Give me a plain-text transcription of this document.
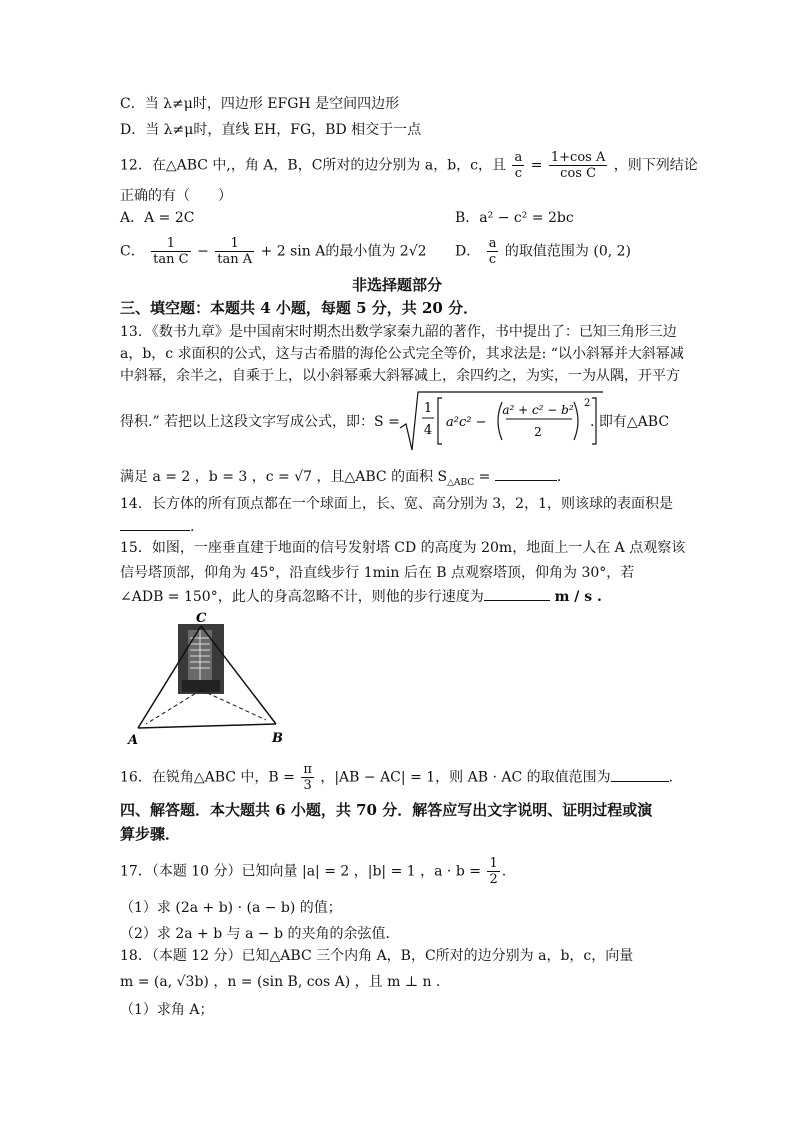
C．当 λ≠μ时，四边形 EFGH 是空间四边形
D．当 λ≠μ时，直线 EH，FG，BD 相交于一点
12．在△ABC 中,，角 A，B，C所对的边分别为 a，b，c，且 $\frac{a}{c} = \frac{\text{1+cos A}}{\text{cos C}}$ ，则下列结论
正确的有（　　）
A．A = 2C	B．a² − c² = 2bc
C． $\frac{1}{\text{tan C}} - \frac{1}{\text{tan A}} + 2$ sin A的最小值为 2√2 D． $\frac{a}{c}$ 的取值范围为 (0, 2)
非选择题部分
三、填空题：本题共 4 小题，每题 5 分，共 20 分．
13．《数书九章》是中国南宋时期杰出数学家秦九韶的著作，书中提出了：已知三角形三边
a，b，c 求面积的公式，这与古希腊的海伦公式完全等价，其求法是: “以小斜幂并大斜幂减
中斜幂，余半之，自乘于上，以小斜幂乘大斜幂减上，余四约之，为实，一为从隅，开平方
得积.” 若把以上这段文字写成公式，即：S =
1
4
a²c² −
a² + c² − b²
2
2
. 即有△ABC
满足 a = 2 ，b = 3 ，c = √7 ，且△ABC 的面积 $S_{\triangle ABC}$ =	.
14．长方体的所有顶点都在一个球面上，长、宽、高分别为 3，2，1，则该球的表面积是
.
15．如图，一座垂直建于地面的信号发射塔 CD 的高度为 20m，地面上一人在 A 点观察该
信号塔顶部，仰角为 45°，沿直线步行 1min 后在 B 点观察塔顶，仰角为 30°，若
∠ADB = 150°，此人的身高忽略不计，则他的步行速度为	m / s .
C
A	B
16．在锐角△ABC 中，$B = \frac{\pi}{3}$ ，|AB − AC| = 1，则 AB · AC 的取值范围为	.
四、解答题．本大题共 6 小题，共 70 分．解答应写出文字说明、证明过程或演
算步骤．
17．（本题 10 分）已知向量 |a| = 2 ，|b| = 1 ，$a \cdot b = \frac{1}{2}$ .
（1）求 (2a + b) · (a − b) 的值；
（2）求 2a + b 与 a − b 的夹角的余弦值．
18．（本题 12 分）已知△ABC 三个内角 A，B，C所对的边分别为 a，b，c，向量
m = (a, √3b) ，n = (sin B, cos A) ，且 m ⊥ n .
（1）求角 A；
